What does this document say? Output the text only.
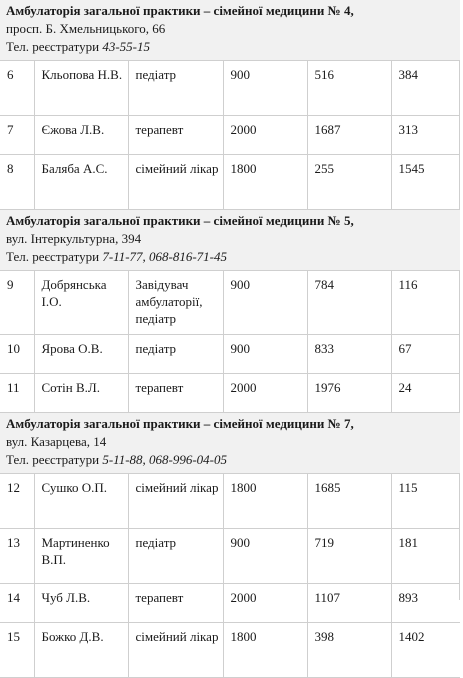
Амбулаторія загальної практики – сімейної медицини № 4,
просп. Б. Хмельницького, 66
Тел. реєстратури 43-55-15					

6	Кльопова Н.В.	педіатр	900	516	384
7	Єжова Л.В.	терапевт	2000	1687	313
8	Баляба А.С.	сімейний лікар	1800	255	1545

Амбулаторія загальної практики – сімейної медицини № 5,
вул. Інтеркультурна, 394
Тел. реєстратури 7-11-77, 068-816-71-45					

9	Добрянська І.О.	Завідувач амбулаторії, педіатр	900	784	116
10	Ярова О.В.	педіатр	900	833	67
11	Сотін В.Л.	терапевт	2000	1976	24

Амбулаторія загальної практики – сімейної медицини № 7,
вул. Казарцева, 14
Тел. реєстратури 5-11-88, 068-996-04-05					

12	Сушко О.П.	сімейний лікар	1800	1685	115
13	Мартиненко В.П.	педіатр	900	719	181
14	Чуб Л.В.	терапевт	2000	1107	893
15	Божко Д.В.	сімейний лікар	1800	398	1402
